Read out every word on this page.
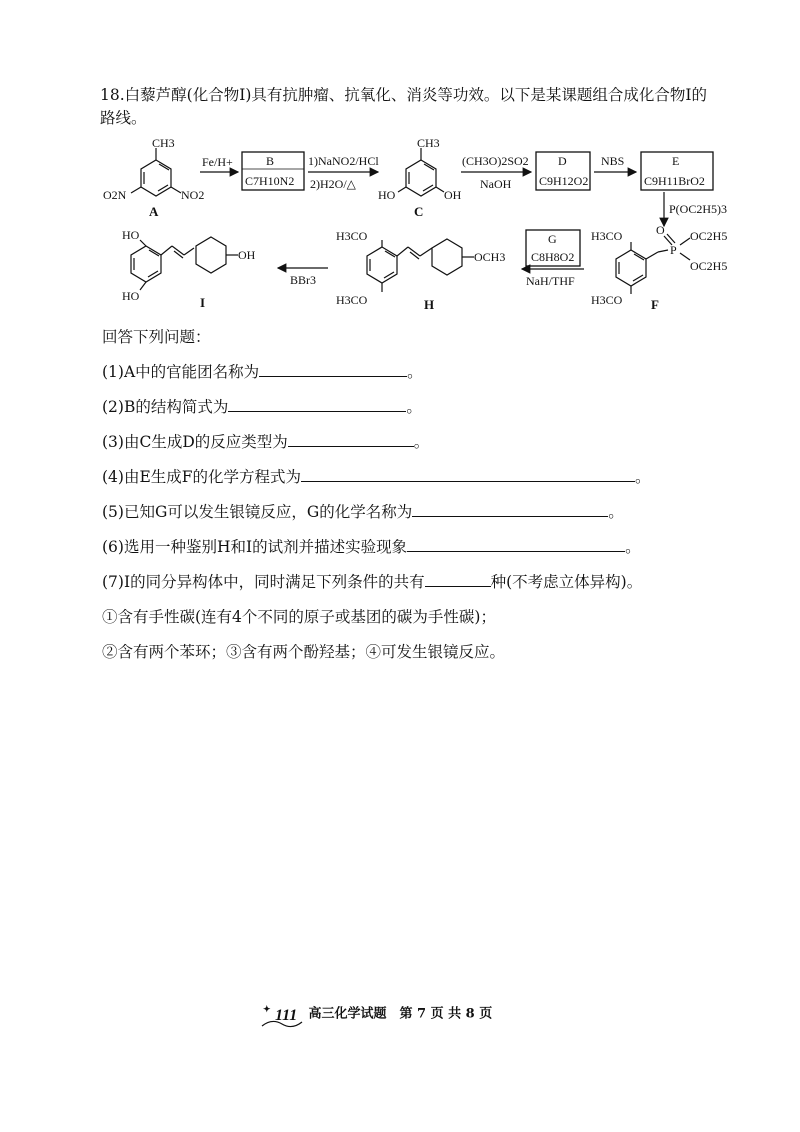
18.白藜芦醇(化合物I)具有抗肿瘤、抗氧化、消炎等功效。以下是某课题组合成化合物I的路线。
CH3
O2N	NO2
A
Fe/H+	B
C7H10N2
1)NaNO2/HCl
2)H2O/△
CH3
HO	OH
C
(CH3O)2SO2
NaOH
D
C9H12O2
NBS	E
C9H11BrO2
P(OC2H5)3
H3CO
H3CO
P
O OC2H5
OC2H5
F
G
C8H8O2
NaH/THF
H3CO
H3CO
OCH3
H
BBr3
HO
HO
OH
I
回答下列问题：
(1)A中的官能团名称为	。
(2)B的结构简式为	。
(3)由C生成D的反应类型为	。
(4)由E生成F的化学方程式为	。
(5)已知G可以发生银镜反应，G的化学名称为	。
(6)选用一种鉴别H和I的试剂并描述实验现象	。
(7)I的同分异构体中，同时满足下列条件的共有	种(不考虑立体异构)。
①含有手性碳(连有4个不同的原子或基团的碳为手性碳)；
②含有两个苯环；③含有两个酚羟基；④可发生银镜反应。
111
✦	高三化学试题　第 7 页 共 8 页
